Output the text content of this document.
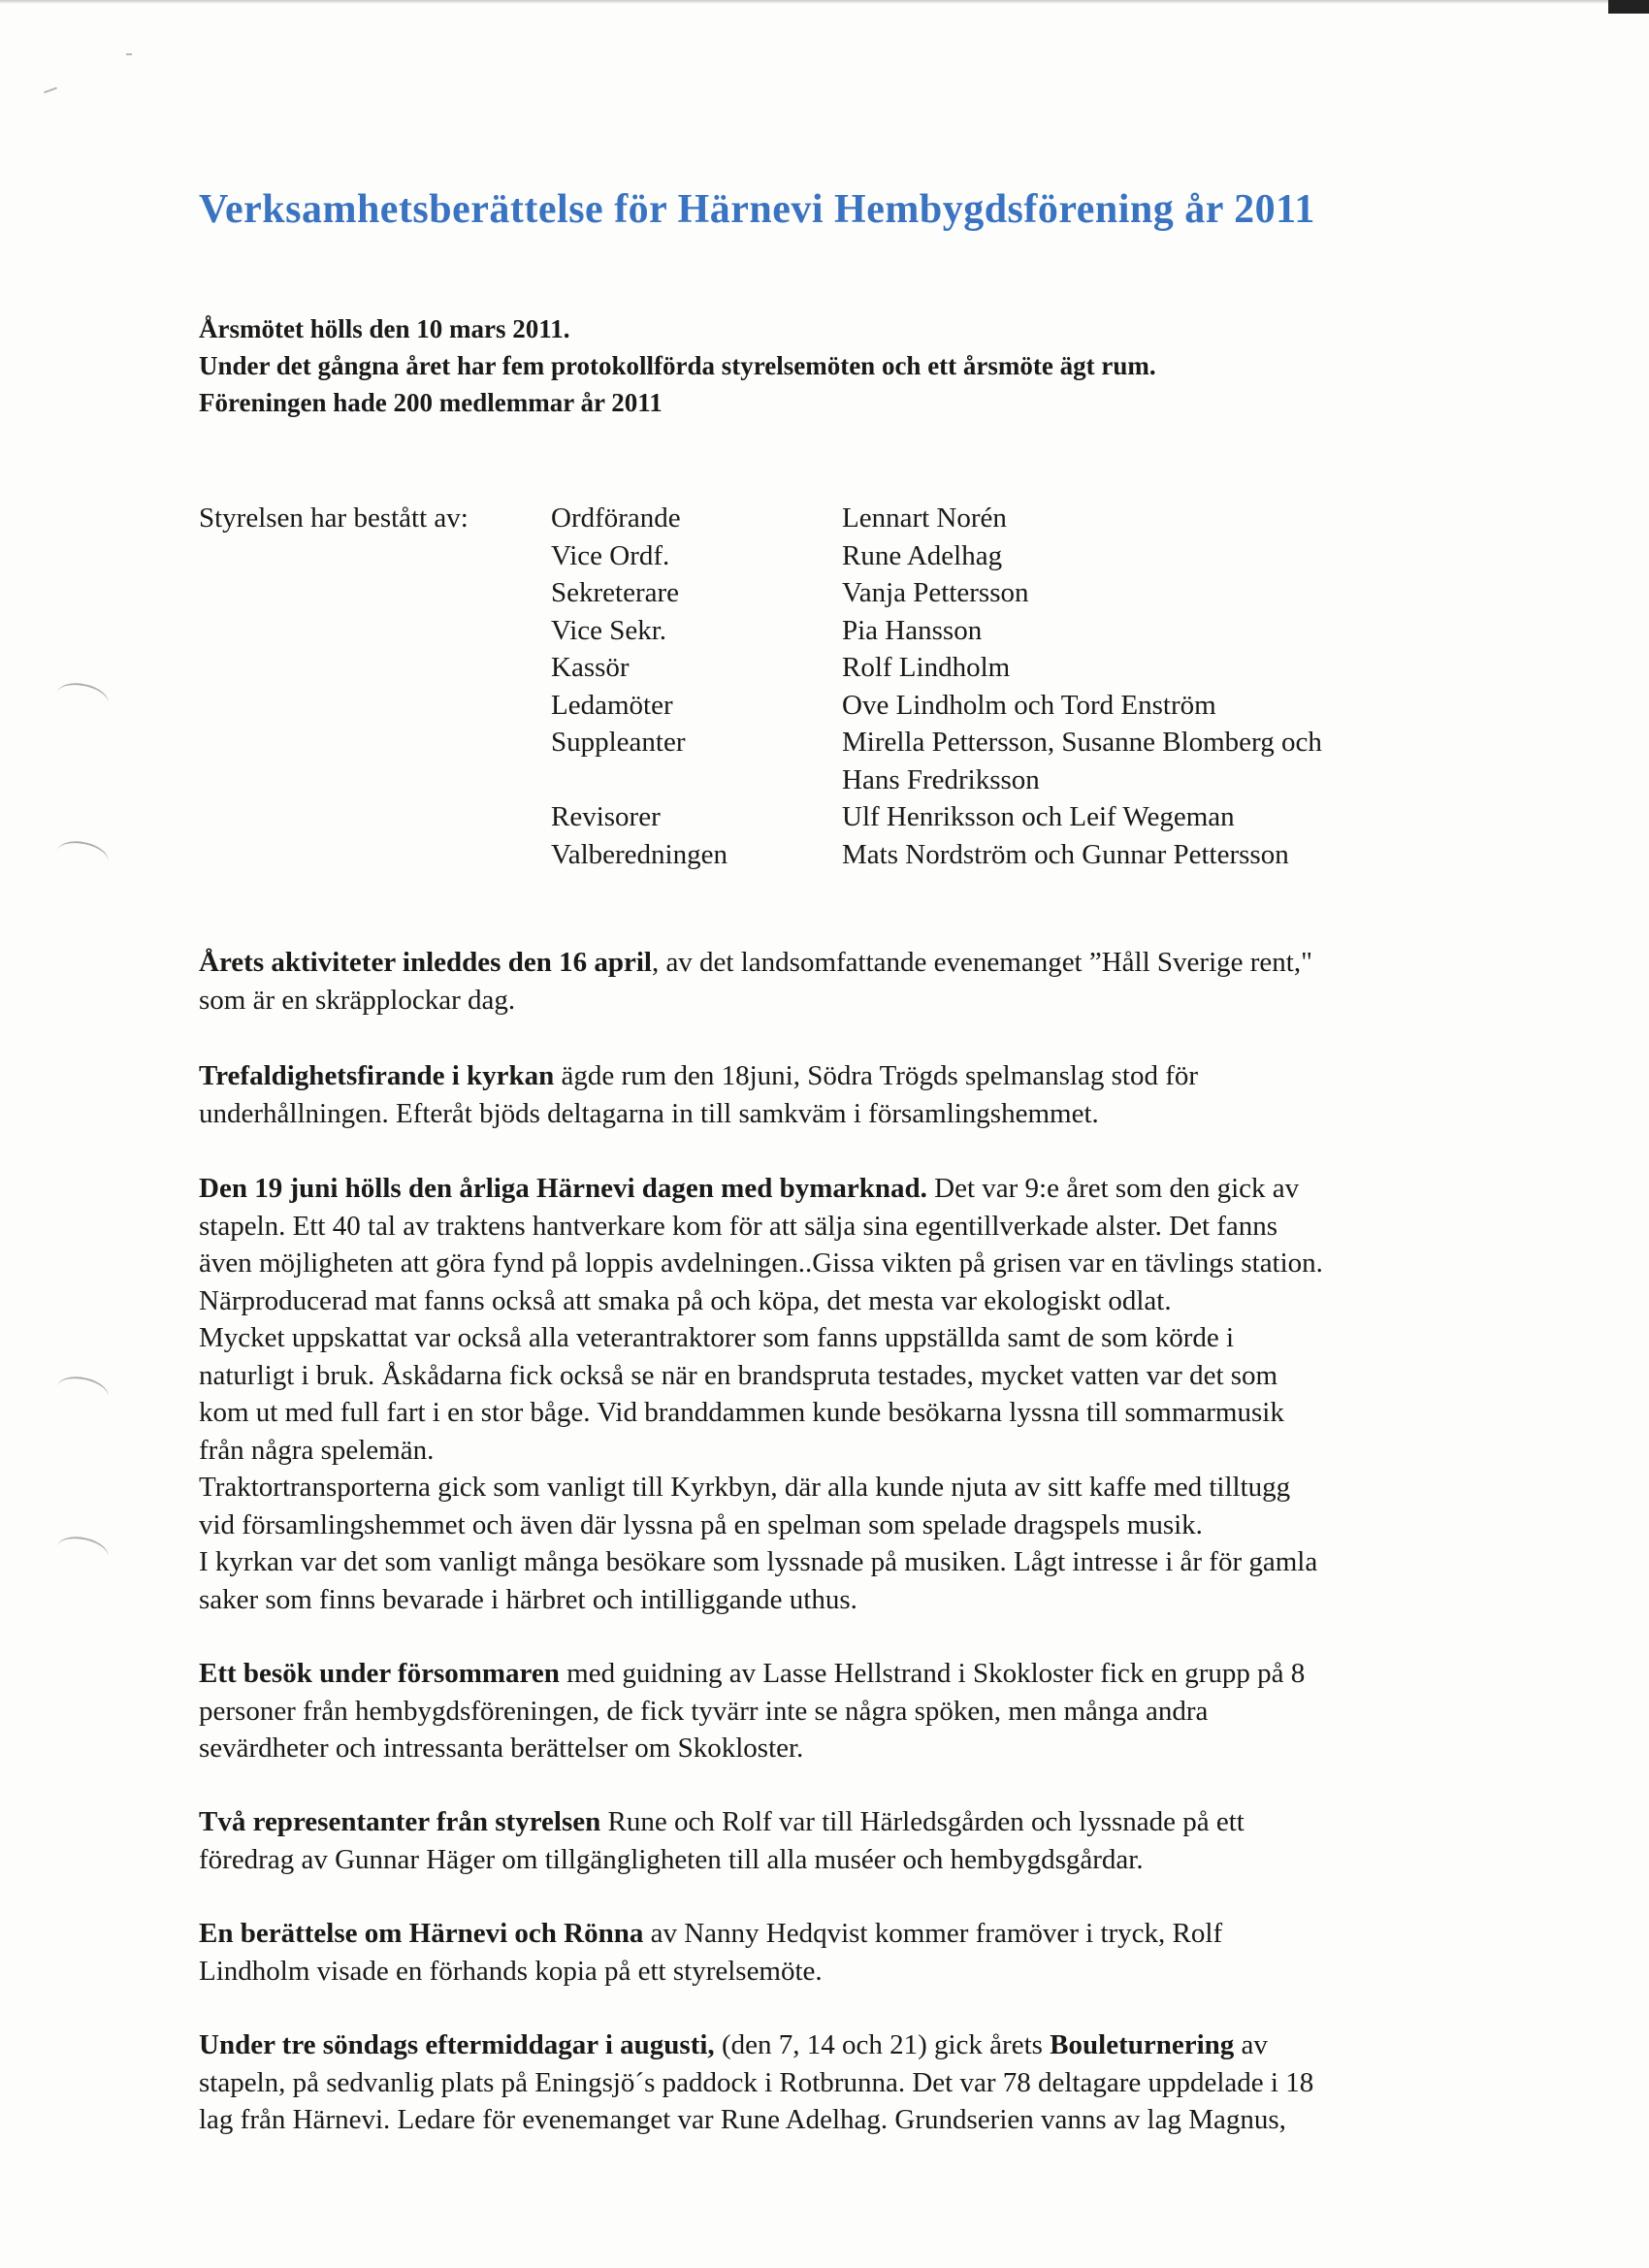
Verksamhetsberättelse för Härnevi Hembygdsförening år 2011
Årsmötet hölls den 10 mars 2011.
Under det gångna året har fem protokollförda styrelsemöten och ett årsmöte ägt rum.
Föreningen hade 200 medlemmar år 2011
Styrelsen har bestått av:	Ordförande
Vice Ordf.
Sekreterare
Vice Sekr.
Kassör
Ledamöter
Suppleanter
Revisorer
Valberedningen
Lennart Norén
Rune Adelhag
Vanja Pettersson
Pia Hansson
Rolf Lindholm
Ove Lindholm och Tord Enström
Mirella Pettersson, Susanne Blomberg och
Hans Fredriksson
Ulf Henriksson och Leif Wegeman
Mats Nordström och Gunnar Pettersson

Årets aktiviteter inleddes den 16 april, av det landsomfattande evenemanget ”Håll Sverige rent,"

som är en skräpplockar dag.

Trefaldighetsfirande i kyrkan ägde rum den 18juni, Södra Trögds spelmanslag stod för

underhållningen. Efteråt bjöds deltagarna in till samkväm i församlingshemmet.

Den 19 juni hölls den årliga Härnevi dagen med bymarknad. Det var 9:e året som den gick av

stapeln. Ett 40 tal av traktens hantverkare kom för att sälja sina egentillverkade alster. Det fanns

även möjligheten att göra fynd på loppis avdelningen..Gissa vikten på grisen var en tävlings station.

Närproducerad mat fanns också att smaka på och köpa, det mesta var ekologiskt odlat.

Mycket uppskattat var också alla veterantraktorer som fanns uppställda samt de som körde i

naturligt i bruk. Åskådarna fick också se när en brandspruta testades, mycket vatten var det som

kom ut med full fart i en stor båge. Vid branddammen kunde besökarna lyssna till sommarmusik

från några spelemän.

Traktortransporterna gick som vanligt till Kyrkbyn, där alla kunde njuta av sitt kaffe med tilltugg

vid församlingshemmet och även där lyssna på en spelman som spelade dragspels musik.

I kyrkan var det som vanligt många besökare som lyssnade på musiken. Lågt intresse i år för gamla

saker som finns bevarade i härbret och intilliggande uthus.

Ett besök under försommaren med guidning av Lasse Hellstrand i Skokloster fick en grupp på 8

personer från hembygdsföreningen, de fick tyvärr inte se några spöken, men många andra

sevärdheter och intressanta berättelser om Skokloster.

Två representanter från styrelsen Rune och Rolf var till Härledsgården och lyssnade på ett

föredrag av Gunnar Häger om tillgängligheten till alla muséer och hembygdsgårdar.

En berättelse om Härnevi och Rönna av Nanny Hedqvist kommer framöver i tryck, Rolf

Lindholm visade en förhands kopia på ett styrelsemöte.

Under tre söndags eftermiddagar i augusti, (den 7, 14 och 21) gick årets Bouleturnering av

stapeln, på sedvanlig plats på Eningsjö´s paddock i Rotbrunna. Det var 78 deltagare uppdelade i 18

lag från Härnevi. Ledare för evenemanget var Rune Adelhag. Grundserien vanns av lag Magnus,
